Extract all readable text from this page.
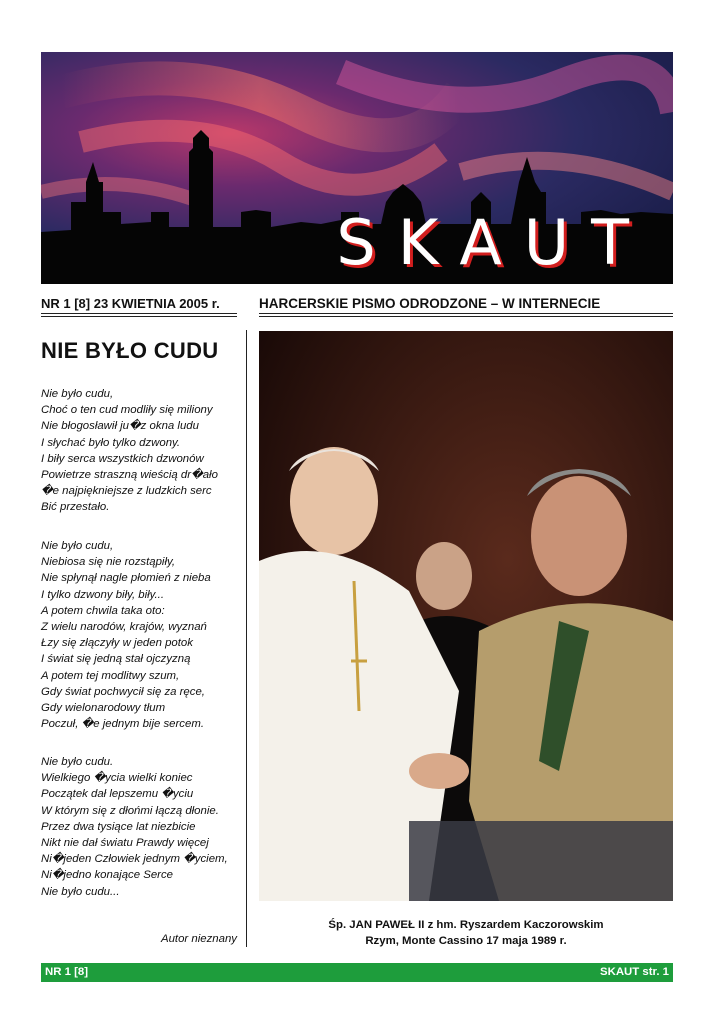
SKAUT
NR 1 [8] 23 KWIETNIA 2005 r.	HARCERSKIE PISMO ODRODZONE – W INTERNECIE
NIE BYŁO CUDU
Nie było cudu,
Choć o ten cud modliły się miliony
Nie błogosławił ju�z okna ludu
I słychać było tylko dzwony.
I biły serca wszystkich dzwonów
Powietrze straszną wieścią dr�ało
�e najpiękniejsze z ludzkich serc
Bić przestało.
Nie było cudu,
Niebiosa się nie rozstąpiły,
Nie spłynął nagle płomień z nieba
I tylko dzwony biły, biły...
A potem chwila taka oto:
Z wielu narodów, krajów, wyznań
Łzy się złączyły w jeden potok
I świat się jedną stał ojczyzną
A potem tej modlitwy szum,
Gdy świat pochwycił się za ręce,
Gdy wielonarodowy tłum
Poczuł, �e jednym bije sercem.
Nie było cudu.
Wielkiego �ycia wielki koniec
Początek dał lepszemu �yciu
W którym się z dłońmi łączą dłonie.
Przez dwa tysiące lat niezbicie
Nikt nie dał światu Prawdy więcej
Ni�jeden Człowiek jednym �yciem,
Ni�jedno konające Serce
Nie było cudu...
Autor nieznany
Śp. JAN PAWEŁ II z hm. Ryszardem Kaczorowskim
Rzym, Monte Cassino 17 maja 1989 r.
NR 1 [8]	SKAUT str. 1
